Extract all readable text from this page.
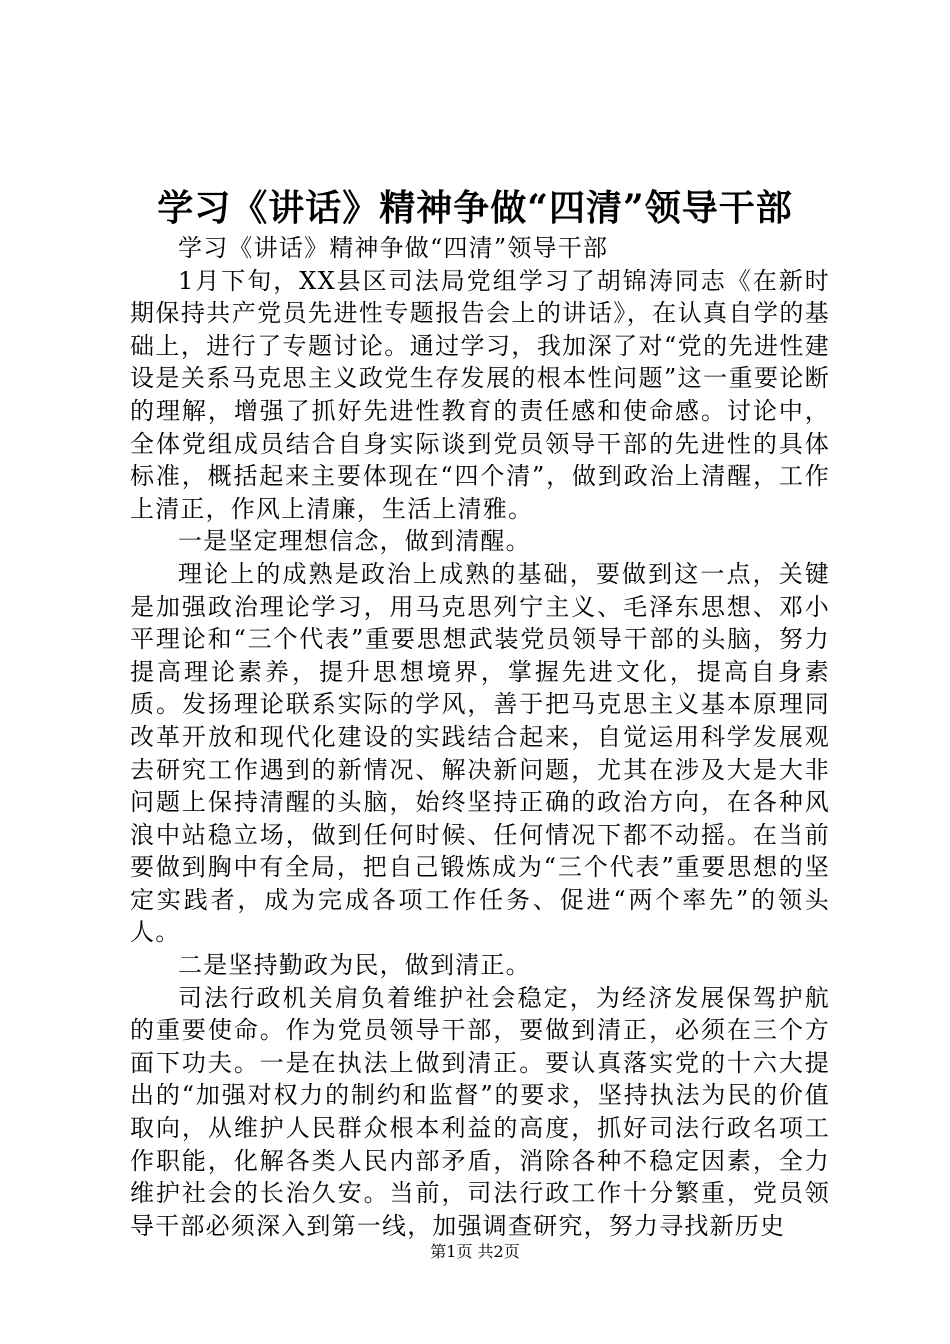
学习《讲话》精神争做“四清”领导干部

学习《讲话》精神争做“四清”领导干部

1月下旬，XX县区司法局党组学习了胡锦涛同志《在新时期保持共产党员先进性专题报告会上的讲话》，在认真自学的基础上，进行了专题讨论。通过学习，我加深了对“党的先进性建设是关系马克思主义政党生存发展的根本性问题”这一重要论断的理解，增强了抓好先进性教育的责任感和使命感。讨论中，全体党组成员结合自身实际谈到党员领导干部的先进性的具体标准，概括起来主要体现在“四个清”，做到政治上清醒，工作上清正，作风上清廉，生活上清雅。

一是坚定理想信念，做到清醒。

理论上的成熟是政治上成熟的基础，要做到这一点，关键是加强政治理论学习，用马克思列宁主义、毛泽东思想、邓小平理论和“三个代表”重要思想武装党员领导干部的头脑，努力提高理论素养，提升思想境界，掌握先进文化，提高自身素质。发扬理论联系实际的学风，善于把马克思主义基本原理同改革开放和现代化建设的实践结合起来，自觉运用科学发展观去研究工作遇到的新情况、解决新问题，尤其在涉及大是大非问题上保持清醒的头脑，始终坚持正确的政治方向，在各种风浪中站稳立场，做到任何时候、任何情况下都不动摇。在当前要做到胸中有全局，把自己锻炼成为“三个代表”重要思想的坚定实践者，成为完成各项工作任务、促进“两个率先”的领头人。

二是坚持勤政为民，做到清正。

司法行政机关肩负着维护社会稳定，为经济发展保驾护航的重要使命。作为党员领导干部，要做到清正，必须在三个方面下功夫。一是在执法上做到清正。要认真落实党的十六大提出的“加强对权力的制约和监督”的要求，坚持执法为民的价值取向，从维护人民群众根本利益的高度，抓好司法行政名项工作职能，化解各类人民内部矛盾，消除各种不稳定因素，全力维护社会的长治久安。当前，司法行政工作十分繁重，党员领导干部必须深入到第一线，加强调查研究，努力寻找新历史

第1页 共2页
